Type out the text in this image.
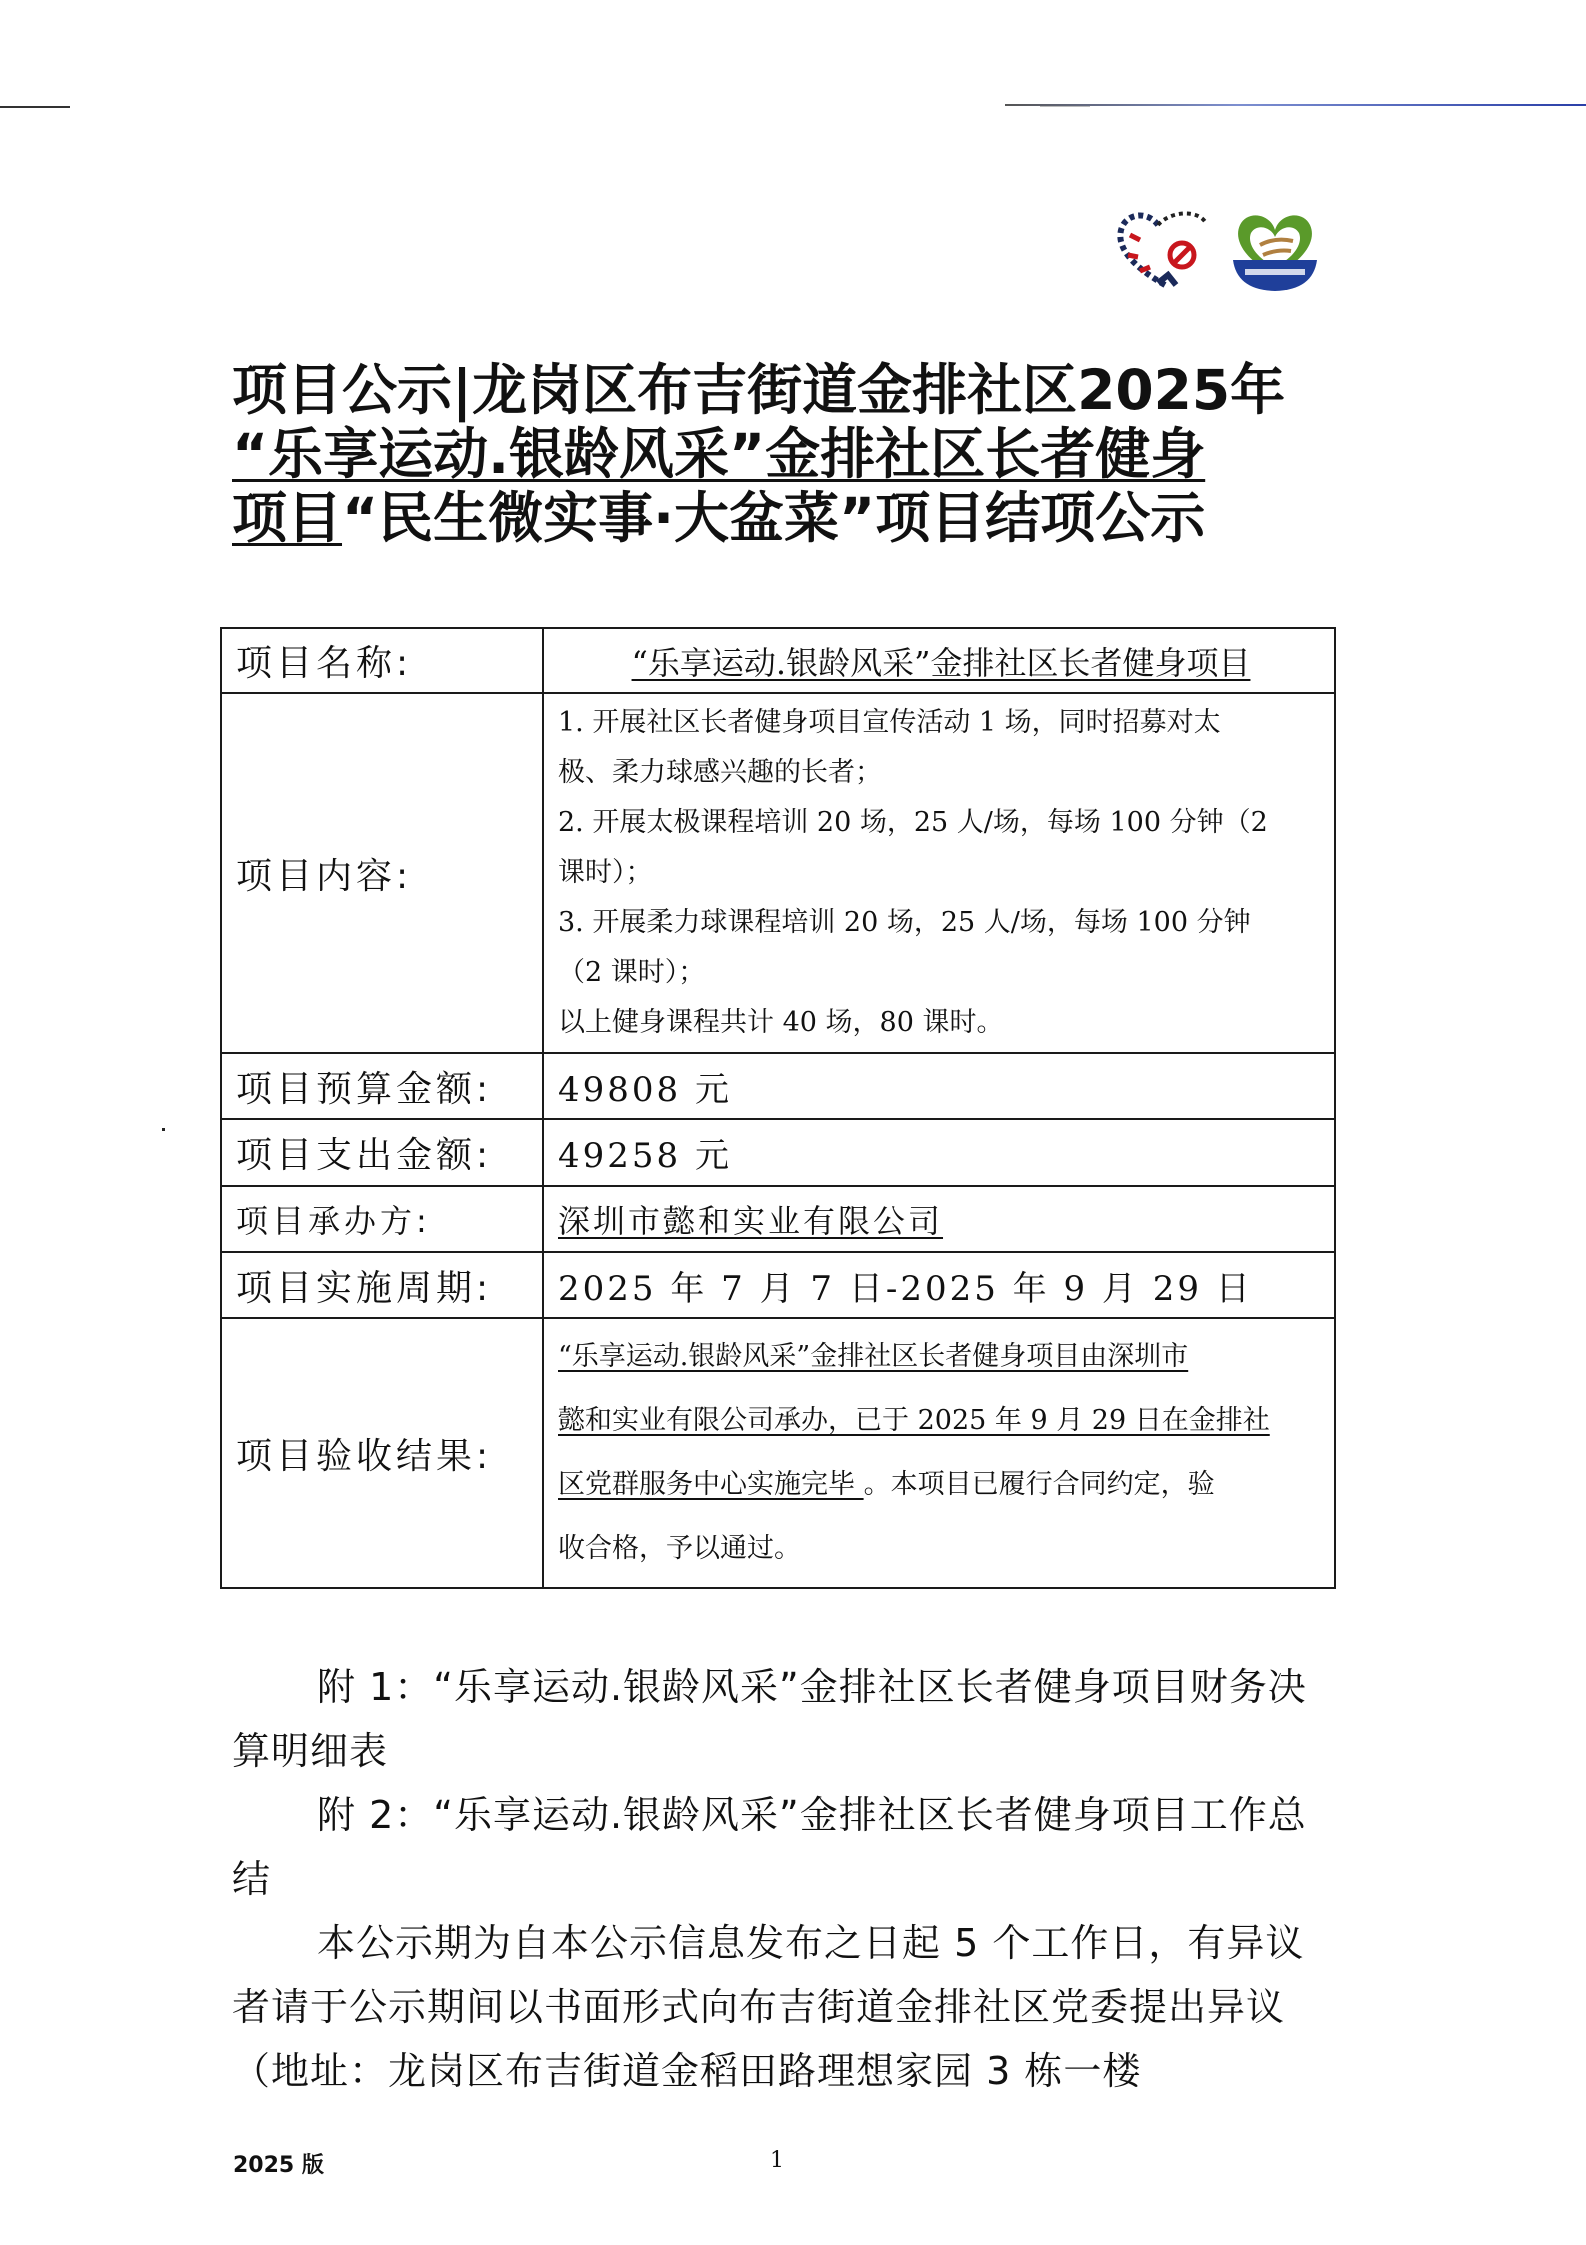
项目公示|龙岗区布吉街道金排社区2025年
“乐享运动.银龄风采”金排社区长者健身
项目“民生微实事·大盆菜”项目结项公示
项目名称:	“乐享运动.银龄风采”金排社区长者健身项目
项目内容:	
1. 开展社区长者健身项目宣传活动 1 场，同时招募对太
极、柔力球感兴趣的长者；
2. 开展太极课程培训 20 场，25 人/场，每场 100 分钟（2
课时）；
3. 开展柔力球课程培训 20 场，25 人/场，每场 100 分钟
（2 课时）；
以上健身课程共计 40 场，80 课时。

项目预算金额:	49808 元
项目支出金额:	49258 元
项目承办方:	深圳市懿和实业有限公司
项目实施周期:	2025 年 7 月 7 日-2025 年 9 月 29 日
项目验收结果:	“乐享运动.银龄风采”金排社区长者健身项目由深圳市
懿和实业有限公司承办，已于 2025 年 9 月 29 日在金排社
区党群服务中心实施完毕 。本项目已履行合同约定，验
收合格，予以通过。

附 1：“乐享运动.银龄风采”金排社区长者健身项目财务决算明细表

附 2：“乐享运动.银龄风采”金排社区长者健身项目工作总结

本公示期为自本公示信息发布之日起 5 个工作日，有异议者请于公示期间以书面形式向布吉街道金排社区党委提出异议（地址：龙岗区布吉街道金稻田路理想家园 3 栋一楼

2025 版	1
